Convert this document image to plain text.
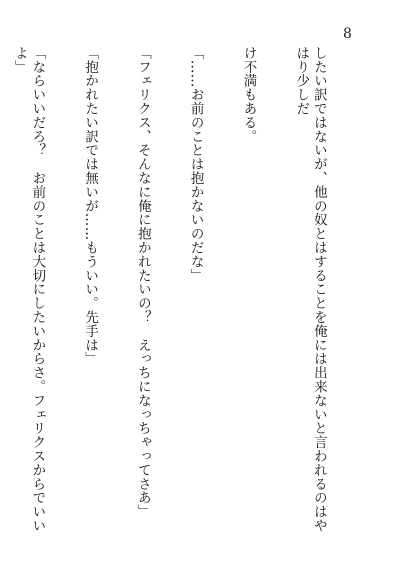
8

したい訳ではないが、他の奴とはすることを俺には出来ないと言われるのはやはり少しだ

け不満もある。

「……お前のことは抱かないのだな」

「フェリクス、そんなに俺に抱かれたいの？　えっちになっちゃってさあ」

「抱かれたい訳では無いが……もういい。先手は」

「ならいいだろ？　お前のことは大切にしたいからさ。フェリクスからでいいよ」
